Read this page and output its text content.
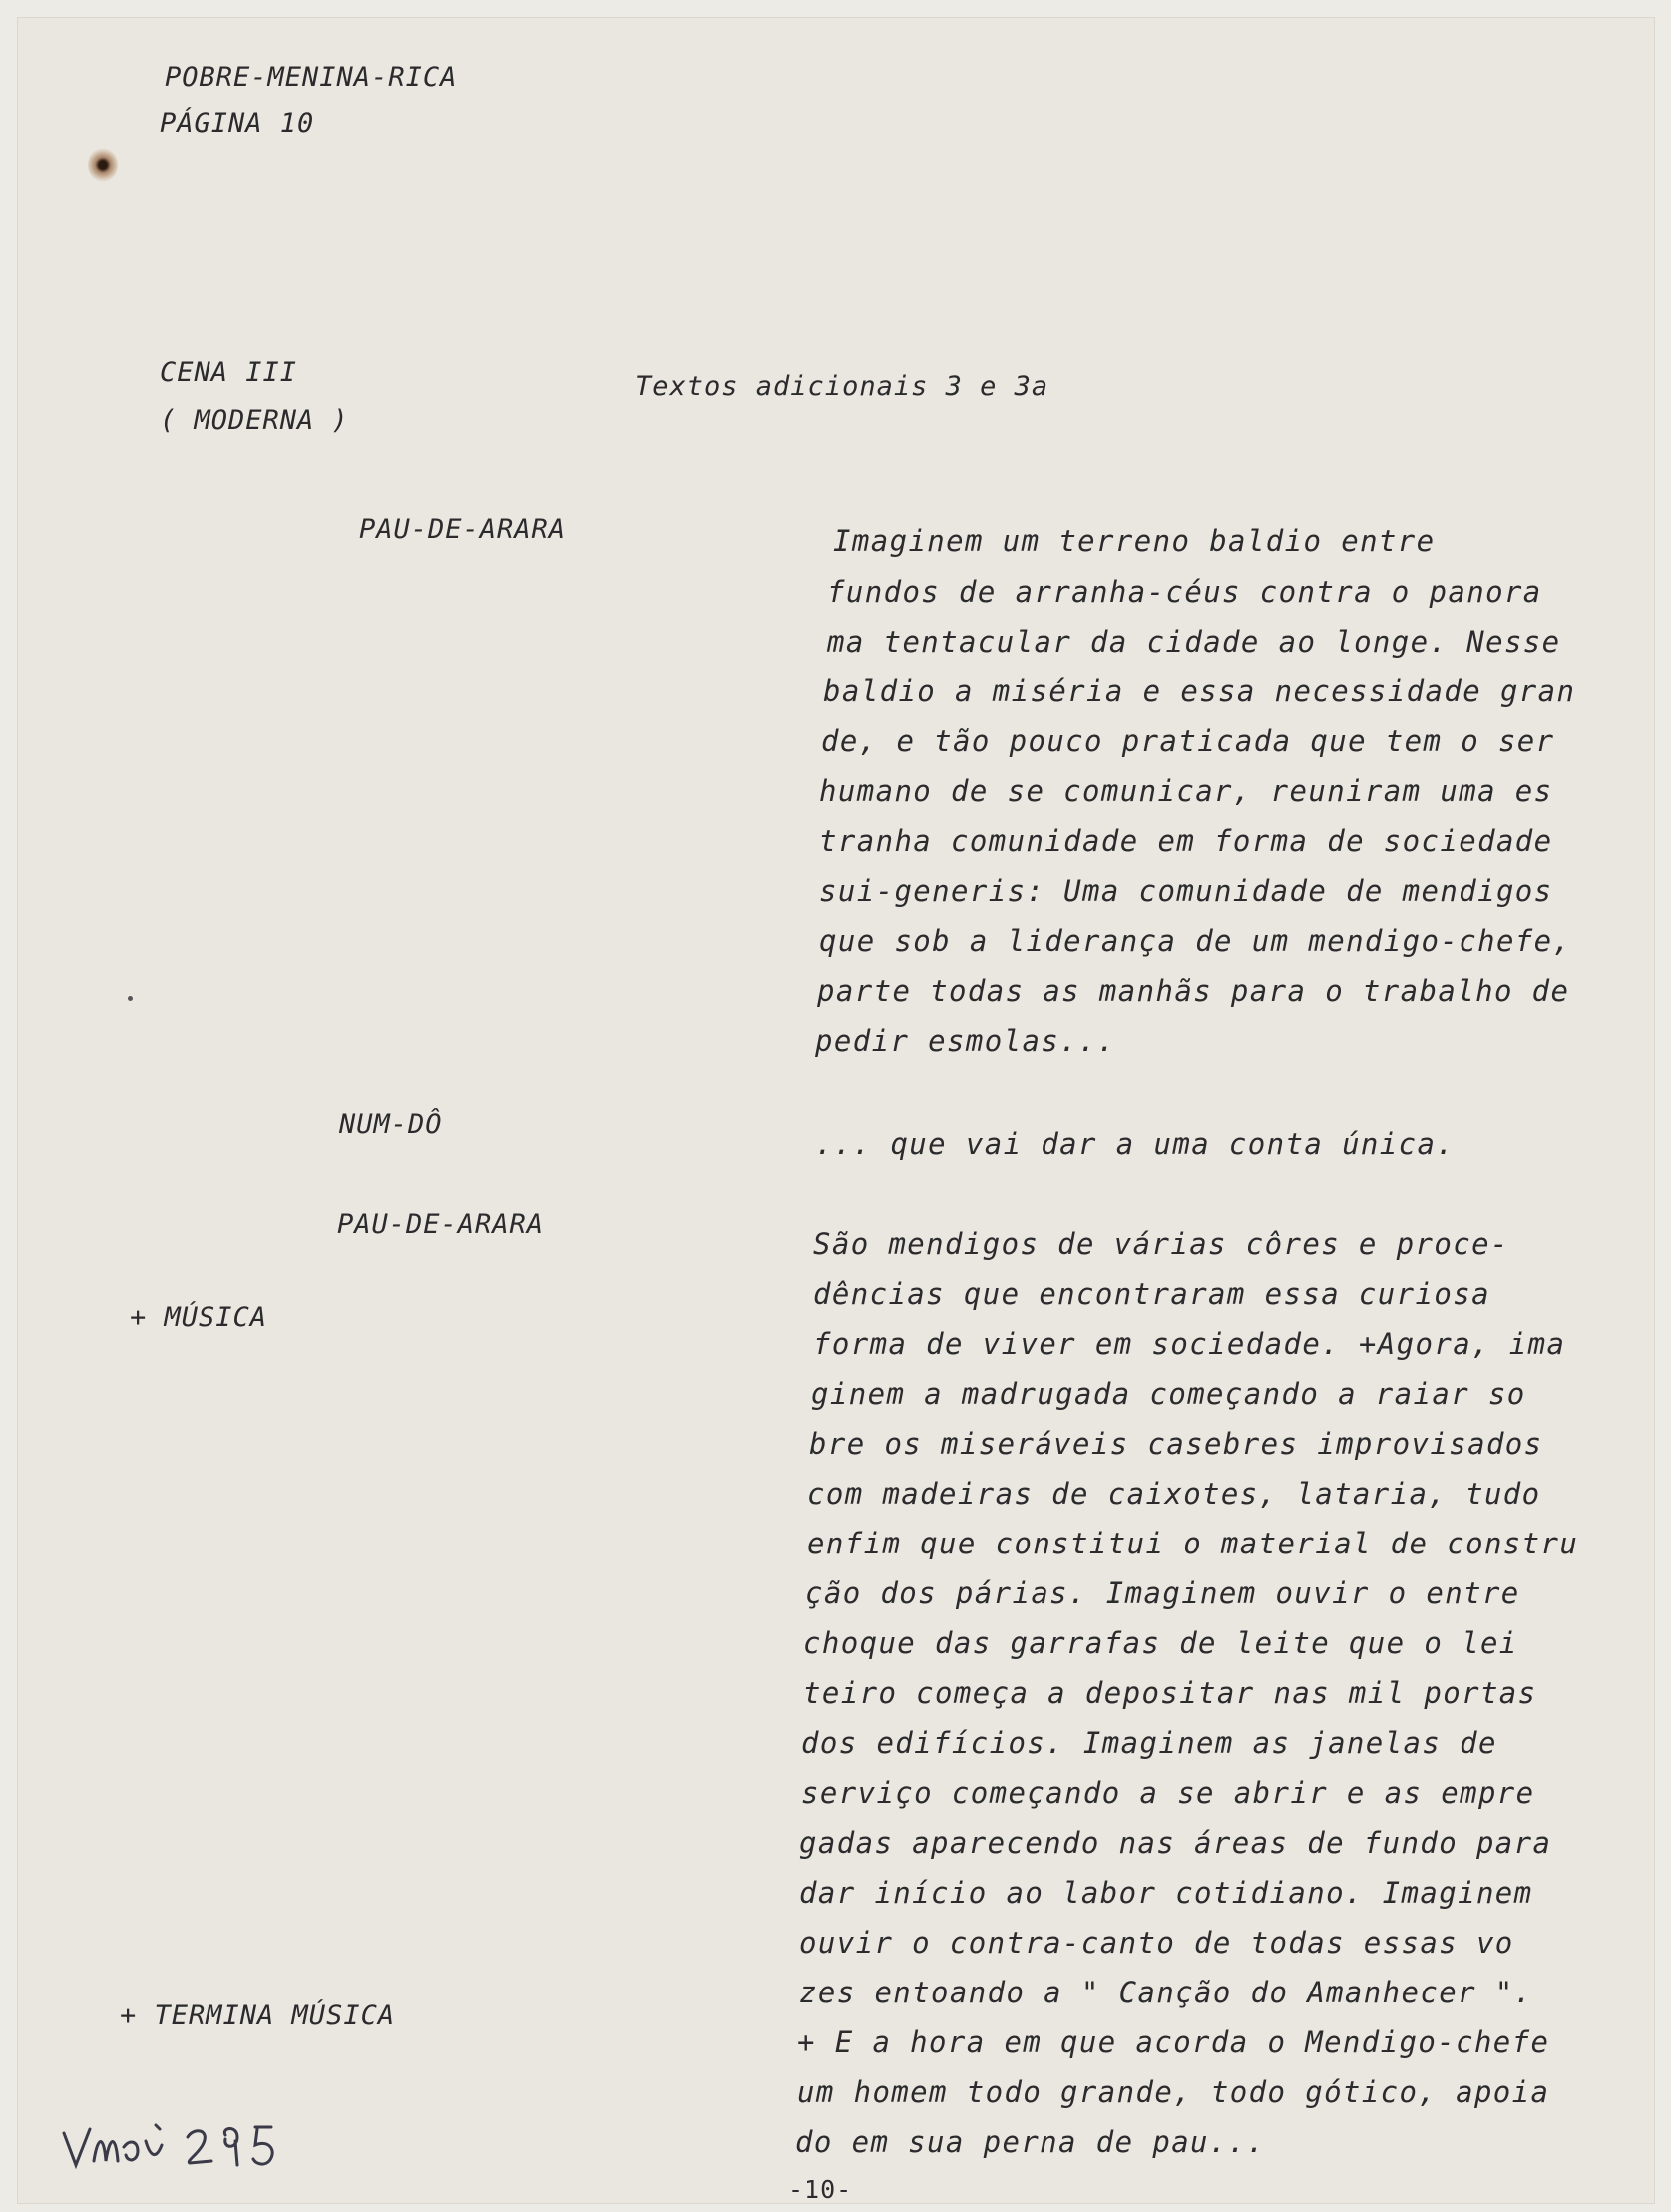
POBRE-MENINA-RICA
PÁGINA 10
CENA III
( MODERNA )
Textos adicionais 3 e 3a
PAU-DE-ARARA
NUM-DÔ
PAU-DE-ARARA
+ MÚSICA
+ TERMINA MÚSICA
Imaginem um terreno baldio entre
fundos de arranha-céus contra o panora
ma tentacular da cidade ao longe. Nesse
baldio a miséria e essa necessidade gran
de, e tão pouco praticada que tem o ser
humano de se comunicar, reuniram uma es
tranha comunidade em forma de sociedade
sui-generis: Uma comunidade de mendigos
que sob a liderança de um mendigo-chefe,
parte todas as manhãs para o trabalho de
pedir esmolas...
... que vai dar a uma conta única.
São mendigos de várias côres e proce-
dências que encontraram essa curiosa
forma de viver em sociedade. +Agora, ima
ginem a madrugada começando a raiar so
bre os miseráveis casebres improvisados
com madeiras de caixotes, lataria, tudo
enfim que constitui o material de constru
ção dos párias. Imaginem ouvir o entre
choque das garrafas de leite que o lei
teiro começa a depositar nas mil portas
dos edifícios. Imaginem as janelas de
serviço começando a se abrir e as empre
gadas aparecendo nas áreas de fundo para
dar início ao labor cotidiano. Imaginem
ouvir o contra-canto de todas essas vo
zes entoando a " Canção do Amanhecer ".
+ E a hora em que acorda o Mendigo-chefe
um homem todo grande, todo gótico, apoia
do em sua perna de pau...
-10-
